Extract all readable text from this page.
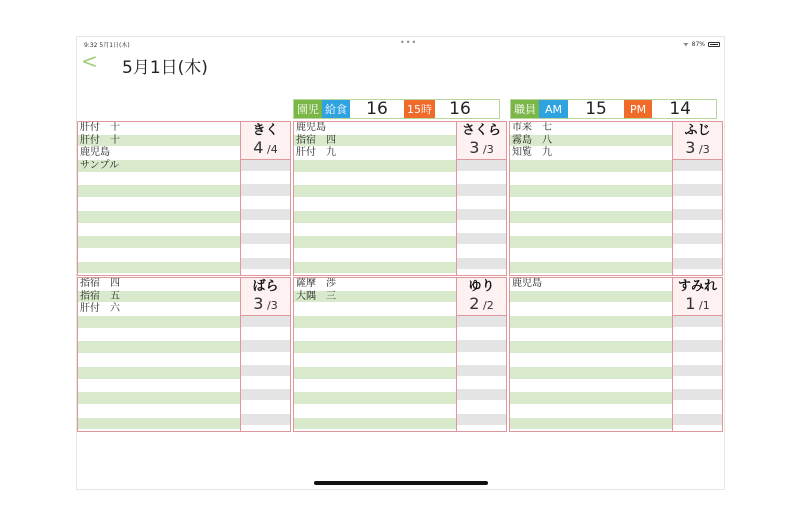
9:32 5月1日(木)	•••	ᯤ 87%
< 5月1日(木)
園児 給食	16	15時	16	職員 AM	15	PM	14
肝付　十
肝付　十
鹿児島
サンプル
きく
4 /4
鹿児島
指宿　四
肝付　九
さくら
3 /3
市来　七
霧島　八
知覧　九
ふじ
3 /3
指宿　四
指宿　五
肝付　六
ばら
3 /3
薩摩　渉
大隅　三
ゆり
2 /2
鹿児島	すみれ
1 /1
